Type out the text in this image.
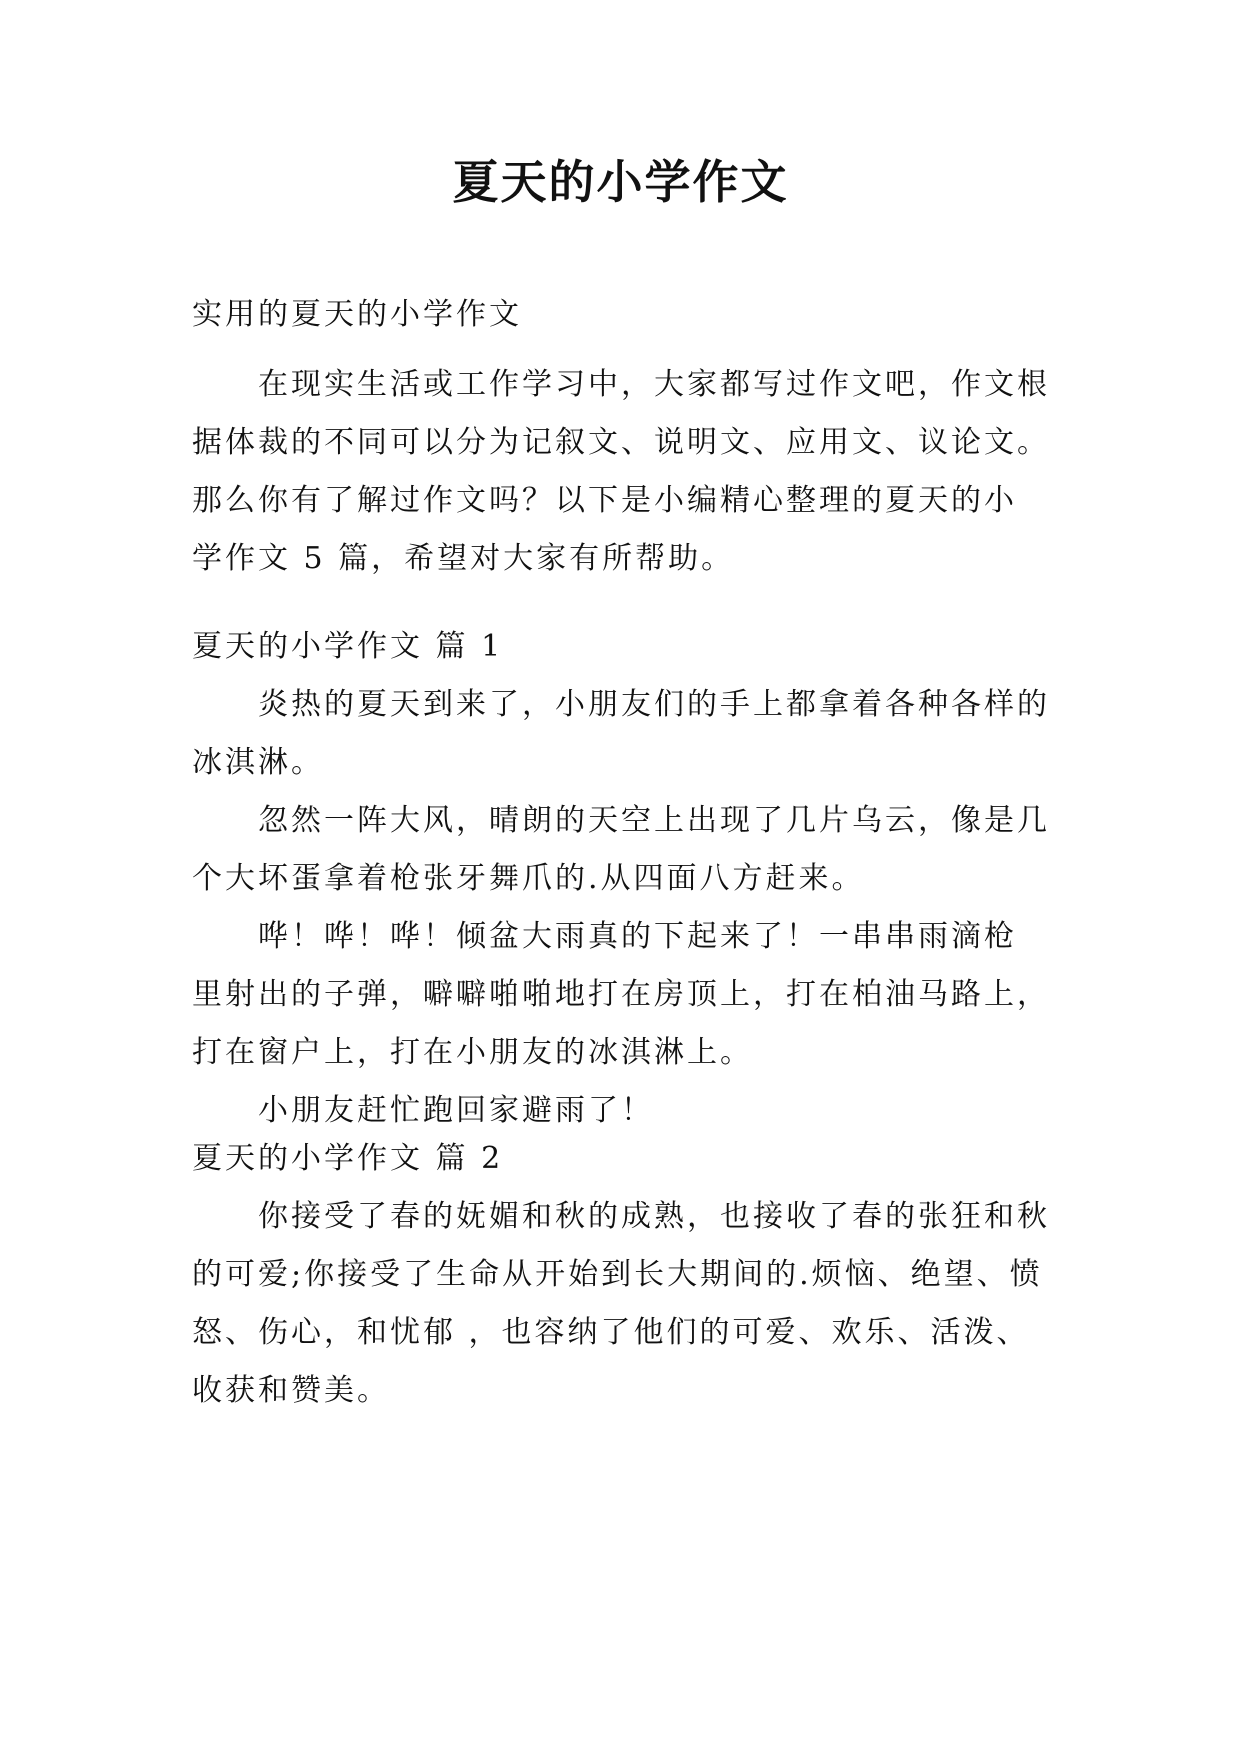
夏天的小学作文
实用的夏天的小学作文
在现实生活或工作学习中，大家都写过作文吧，作文根
据体裁的不同可以分为记叙文、说明文、应用文、议论文。
那么你有了解过作文吗？以下是小编精心整理的夏天的小
学作文 5 篇，希望对大家有所帮助。
夏天的小学作文 篇 1
炎热的夏天到来了，小朋友们的手上都拿着各种各样的
冰淇淋。
忽然一阵大风，晴朗的天空上出现了几片乌云，像是几
个大坏蛋拿着枪张牙舞爪的.从四面八方赶来。
哗！哗！哗！倾盆大雨真的下起来了！一串串雨滴枪
里射出的子弹，噼噼啪啪地打在房顶上，打在柏油马路上，
打在窗户上，打在小朋友的冰淇淋上。
小朋友赶忙跑回家避雨了！
夏天的小学作文 篇 2
你接受了春的妩媚和秋的成熟，也接收了春的张狂和秋
的可爱;你接受了生命从开始到长大期间的.烦恼、绝望、愤
怒、伤心，和忧郁 ，也容纳了他们的可爱、欢乐、活泼、
收获和赞美。
